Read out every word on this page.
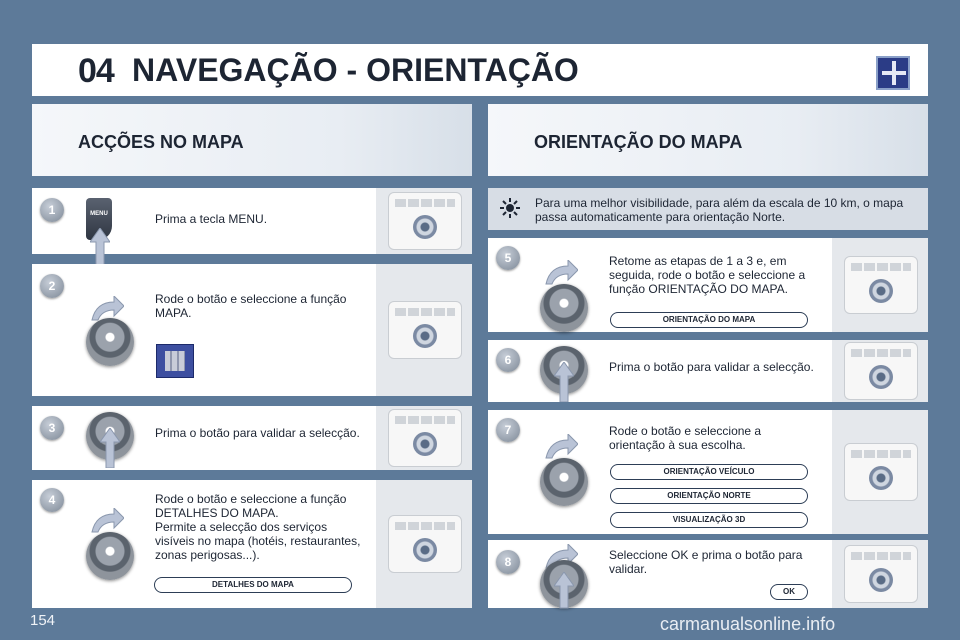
04 NAVEGAÇÃO - ORIENTAÇÃO
ACÇÕES NO MAPA	ORIENTAÇÃO DO MAPA
1	MENU	Prima a tecla MENU.
2
Rode o botão e seleccione a função MAPA.
3	Prima o botão para validar a selecção.
4	Rode o botão e seleccione a função DETALHES DO MAPA.
Permite a selecção dos serviços visíveis no mapa (hotéis, restaurantes, zonas perigosas...).
DETALHES DO MAPA
Para uma melhor visibilidade, para além da escala de 10 km, o mapa passa automaticamente para orientação Norte.
5	Retome as etapas de 1 a 3 e, em seguida, rode o botão e seleccione a função ORIENTAÇÃO DO MAPA.
ORIENTAÇÃO DO MAPA
6	Prima o botão para validar a selecção.
7	Rode o botão e seleccione a orientação à sua escolha.
ORIENTAÇÃO VEÍCULO
ORIENTAÇÃO NORTE
VISUALIZAÇÃO 3D
8	Seleccione OK e prima o botão para validar.
OK
154	carmanualsonline.info
